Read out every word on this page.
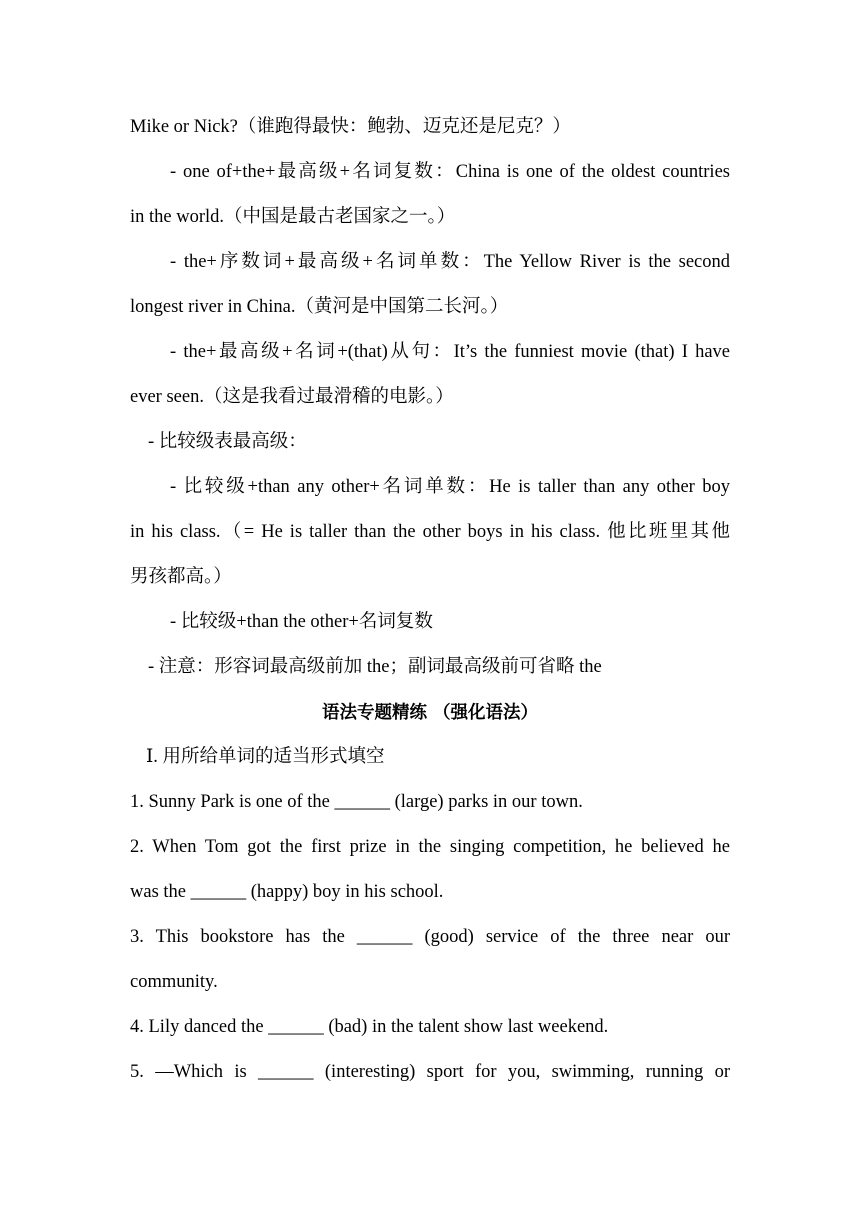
Mike or Nick?（谁跑得最快：鲍勃、迈克还是尼克？）
- one of+the+最高级+名词复数：China is one of the oldest countries
in the world.（中国是最古老国家之一。）
- the+序数词+最高级+名词单数：The Yellow River is the second
longest river in China.（黄河是中国第二长河。）
- the+最高级+名词+(that)从句：It’s the funniest movie (that) I have
ever seen.（这是我看过最滑稽的电影。）
- 比较级表最高级：
- 比较级+than any other+名词单数：He is taller than any other boy
in his class.（= He is taller than the other boys in his class. 他比班里其他
男孩都高。）
- 比较级+than the other+名词复数
- 注意：形容词最高级前加 the；副词最高级前可省略 the
语法专题精练 （强化语法）
Ⅰ. 用所给单词的适当形式填空
1. Sunny Park is one of the ______ (large) parks in our town.
2. When Tom got the first prize in the singing competition, he believed he
was the ______ (happy) boy in his school.
3. This bookstore has the ______ (good) service of the three near our
community.
4. Lily danced the ______ (bad) in the talent show last weekend.
5. —Which is ______ (interesting) sport for you, swimming, running or
